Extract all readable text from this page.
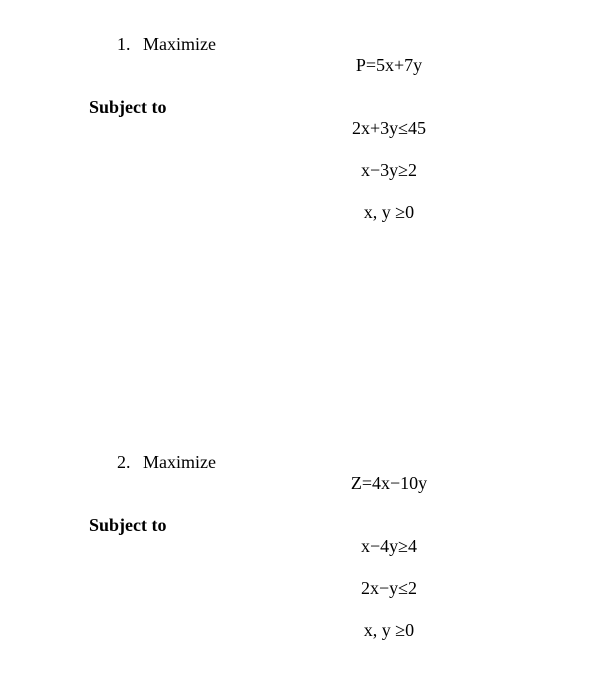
1. Maximize
P=5x+7y
Subject to
2x+3y≤45
x−3y≥2
x, y ≥0
2. Maximize
Z=4x−10y
Subject to
x−4y≥4
2x−y≤2
x, y ≥0
